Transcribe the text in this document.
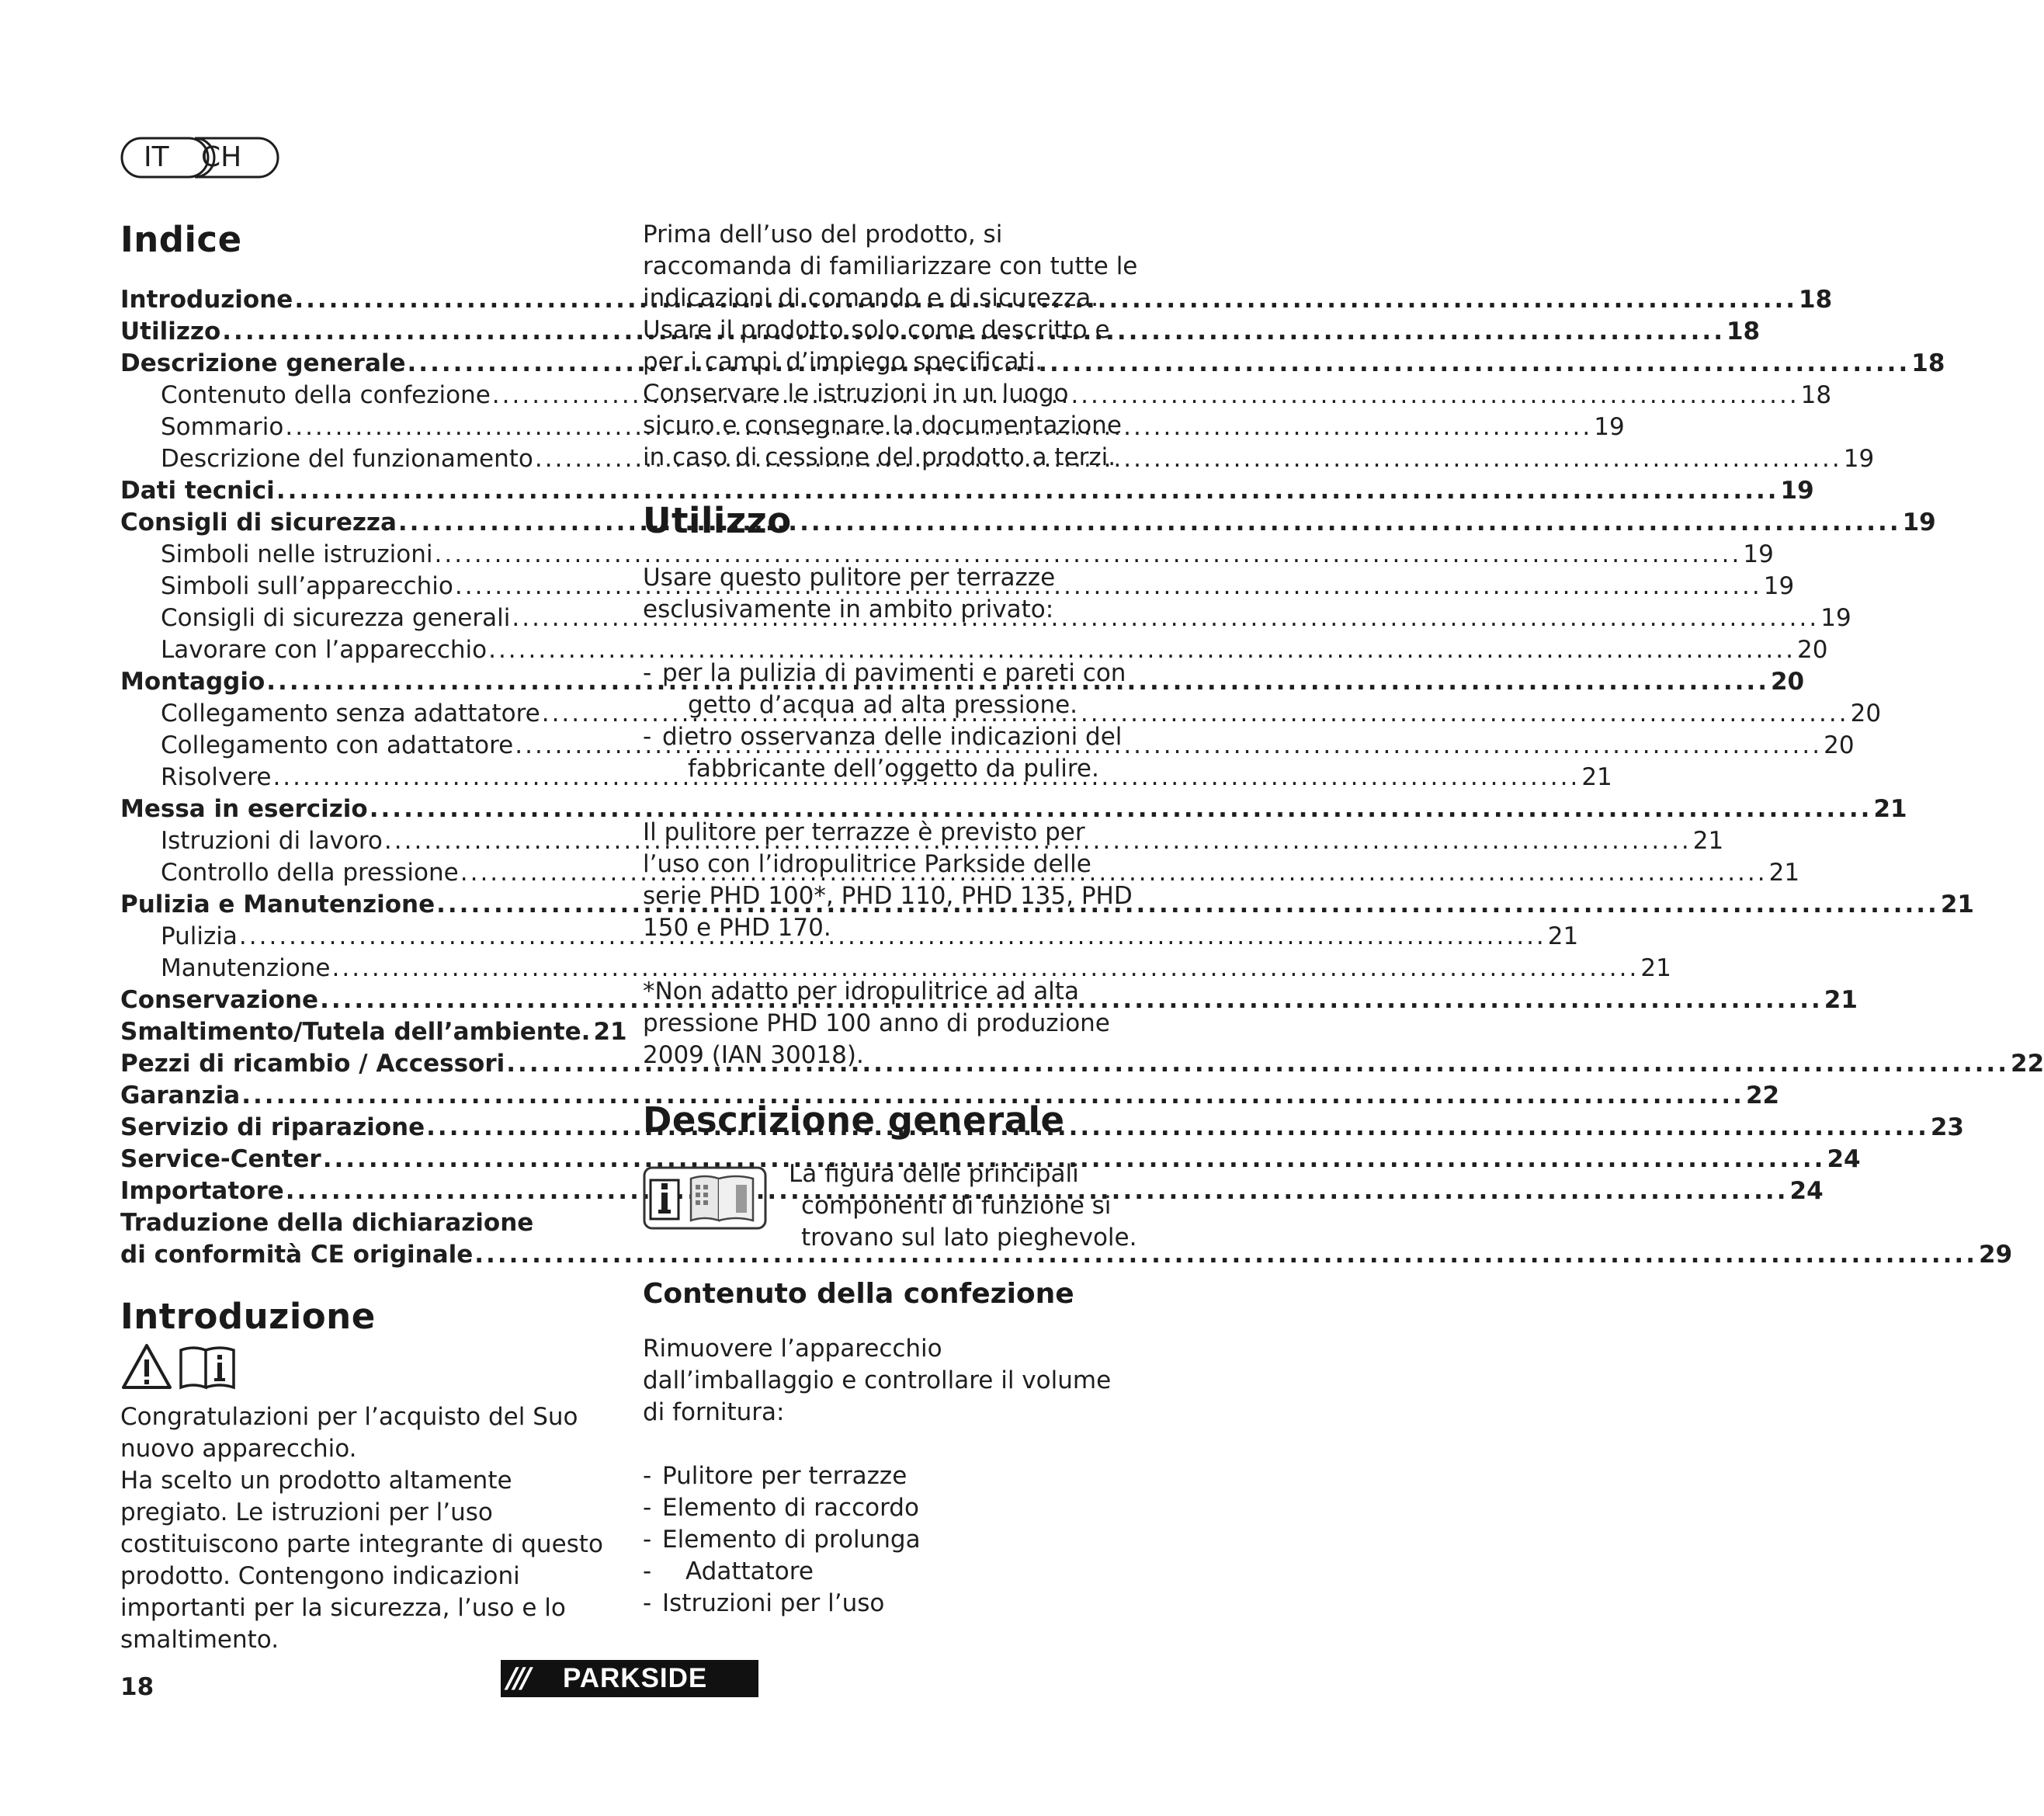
IT CH
Indice
Introduzione .....	18
Utilizzo .....	18
Descrizione generale .....	18
Contenuto della confezione .....	18
Sommario .....	19
Descrizione del funzionamento .....	19
Dati tecnici .....	19
Consigli di sicurezza .....	19
Simboli nelle istruzioni .....	19
Simboli sull’apparecchio .....	19
Consigli di sicurezza generali .....	19
Lavorare con l’apparecchio .....	20
Montaggio .....	20
Collegamento senza adattatore .....	20
Collegamento con adattatore .....	20
Risolvere .....	21
Messa in esercizio .....	21
Istruzioni di lavoro .....	21
Controllo della pressione .....	21
Pulizia e Manutenzione .....	21
Pulizia .....	21
Manutenzione .....	21
Conservazione .....	21
Smaltimento/Tutela dell’ambiente. 21
Pezzi di ricambio / Accessori .....	22
Garanzia .....	22
Servizio di riparazione .....	23
Service-Center .....	24
Importatore .....	24
Traduzione della dichiarazione
di conformità CE originale .....	29
Introduzione

Congratulazioni per l’acquisto del Suo nuovo apparecchio.

Ha scelto un prodotto altamente pregiato. Le istruzioni per l’uso costituiscono parte integrante di questo prodotto. Contengono indicazioni importanti per la sicurezza, l’uso e lo smaltimento.

Prima dell’uso del prodotto, si raccomanda di familiarizzare con tutte le indicazioni di comando e di sicurezza. Usare il prodotto solo come descritto e per i campi d’impiego specificati. Conservare le istruzioni in un luogo sicuro e consegnare la documentazione in caso di cessione del prodotto a terzi.

Utilizzo

Usare questo pulitore per terrazze esclusivamente in ambito privato:

- per la pulizia di pavimenti e pareti con
getto d’acqua ad alta pressione.
- dietro osservanza delle indicazioni del
fabbricante dell’oggetto da pulire.

Il pulitore per terrazze è previsto per l’uso con l’idropulitrice Parkside delle serie PHD 100*, PHD 110, PHD 135, PHD 150 e PHD 170.

*Non adatto per idropulitrice ad alta pressione PHD 100 anno di produzione 2009 (IAN 30018).

Descrizione generale
La figura delle principali
componenti di funzione si
trovano sul lato pieghevole.
Contenuto della confezione

Rimuovere l’apparecchio dall’imballaggio e controllare il volume di fornitura:

- Pulitore per terrazze
- Elemento di raccordo
- Elemento di prolunga
- Adattatore
- Istruzioni per l’uso
18	/// PARKSIDE
